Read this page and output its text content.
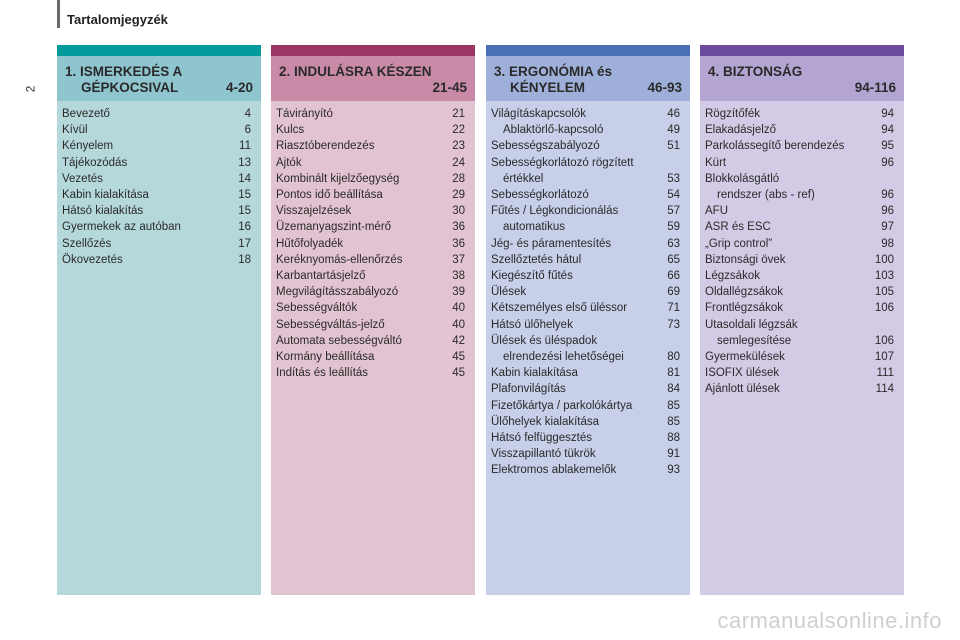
Tartalomjegyzék
2
1. ISMERKEDÉS A
GÉPKOCSIVAL	4-20
Bevezető	4
Kívül	6
Kényelem	11
Tájékozódás	13
Vezetés	14
Kabin kialakítása	15
Hátsó kialakítás	15
Gyermekek az autóban	16
Szellőzés	17
Ökovezetés	18
2. INDULÁSRA KÉSZEN
21-45
Távirányító	21
Kulcs	22
Riasztóberendezés	23
Ajtók	24
Kombinált kijelzőegység	28
Pontos idő beállítása	29
Visszajelzések	30
Üzemanyagszint-mérő	36
Hűtőfolyadék	36
Keréknyomás-ellenőrzés	37
Karbantartásjelző	38
Megvilágításszabályozó	39
Sebességváltók	40
Sebességváltás-jelző	40
Automata sebességváltó	42
Kormány beállítása	45
Indítás és leállítás	45
3. ERGONÓMIA és
KÉNYELEM	46-93
Világításkapcsolók	46
Ablaktörlő-kapcsoló	49
Sebességszabályozó	51
Sebességkorlátozó rögzített
értékkel	53
Sebességkorlátozó	54
Fűtés / Légkondicionálás	57
automatikus	59
Jég- és páramentesítés	63
Szellőztetés hátul	65
Kiegészítő fűtés	66
Ülések	69
Kétszemélyes első üléssor	71
Hátsó ülőhelyek	73
Ülések és üléspadok
elrendezési lehetőségei	80
Kabin kialakítása	81
Plafonvilágítás	84
Fizetőkártya / parkolókártya	85
Ülőhelyek kialakítása	85
Hátsó felfüggesztés	88
Visszapillantó tükrök	91
Elektromos ablakemelők	93
4. BIZTONSÁG
94-116
Rögzítőfék	94
Elakadásjelző	94
Parkolássegítő berendezés	95
Kürt	96
Blokkolásgátló
rendszer (abs - ref)	96
AFU	96
ASR és ESC	97
„Grip control”	98
Biztonsági övek	100
Légzsákok	103
Oldallégzsákok	105
Frontlégzsákok	106
Utasoldali légzsák
semlegesítése	106
Gyermekülések	107
ISOFIX ülések	111
Ajánlott ülések	114
carmanualsonline.info
